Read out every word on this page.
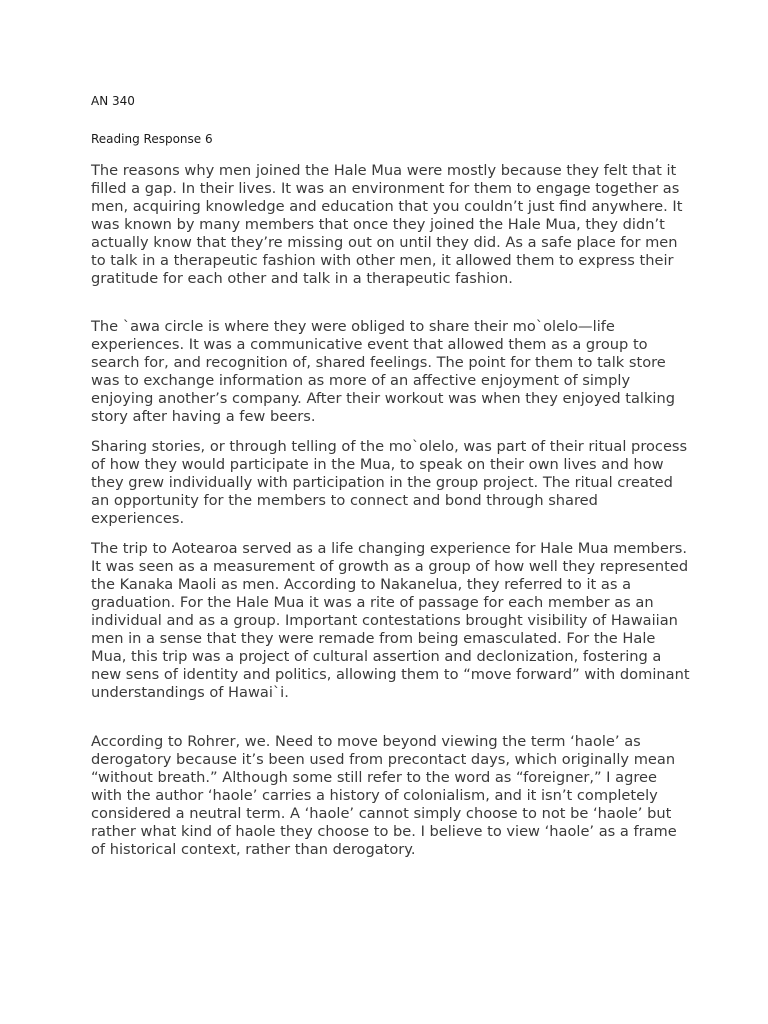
AN 340
Reading Response 6

The reasons why men joined the Hale Mua were mostly because they felt that it filled a gap. In their lives. It was an environment for them to engage together as men, acquiring knowledge and education that you couldn’t just find anywhere. It was known by many members that once they joined the Hale Mua, they didn’t actually know that they’re missing out on until they did. As a safe place for men to talk in a therapeutic fashion with other men, it allowed them to express their gratitude for each other and talk in a therapeutic fashion.

The `awa circle is where they were obliged to share their mo`olelo—life experiences. It was a communicative event that allowed them as a group to search for, and recognition of, shared feelings. The point for them to talk store was to exchange information as more of an affective enjoyment of simply enjoying another’s company. After their workout was when they enjoyed talking story after having a few beers.

Sharing stories, or through telling of the mo`olelo, was part of their ritual process of how they would participate in the Mua, to speak on their own lives and how they grew individually with participation in the group project. The ritual created an opportunity for the members to connect and bond through shared experiences.

The trip to Aotearoa served as a life changing experience for Hale Mua members. It was seen as a measurement of growth as a group of how well they represented the Kanaka Maoli as men. According to Nakanelua, they referred to it as a graduation. For the Hale Mua it was a rite of passage for each member as an individual and as a group. Important contestations brought visibility of Hawaiian men in a sense that they were remade from being emasculated. For the Hale Mua, this trip was a project of cultural assertion and declonization, fostering a new sens of identity and politics, allowing them to “move forward” with dominant understandings of Hawai`i.

According to Rohrer, we. Need to move beyond viewing the term ‘haole’ as derogatory because it’s been used from precontact days, which originally mean “without breath.” Although some still refer to the word as “foreigner,” I agree with the author ‘haole’ carries a history of colonialism, and it isn’t completely considered a neutral term. A ‘haole’ cannot simply choose to not be ‘haole’ but rather what kind of haole they choose to be. I believe to view ‘haole’ as a frame of historical context, rather than derogatory.
